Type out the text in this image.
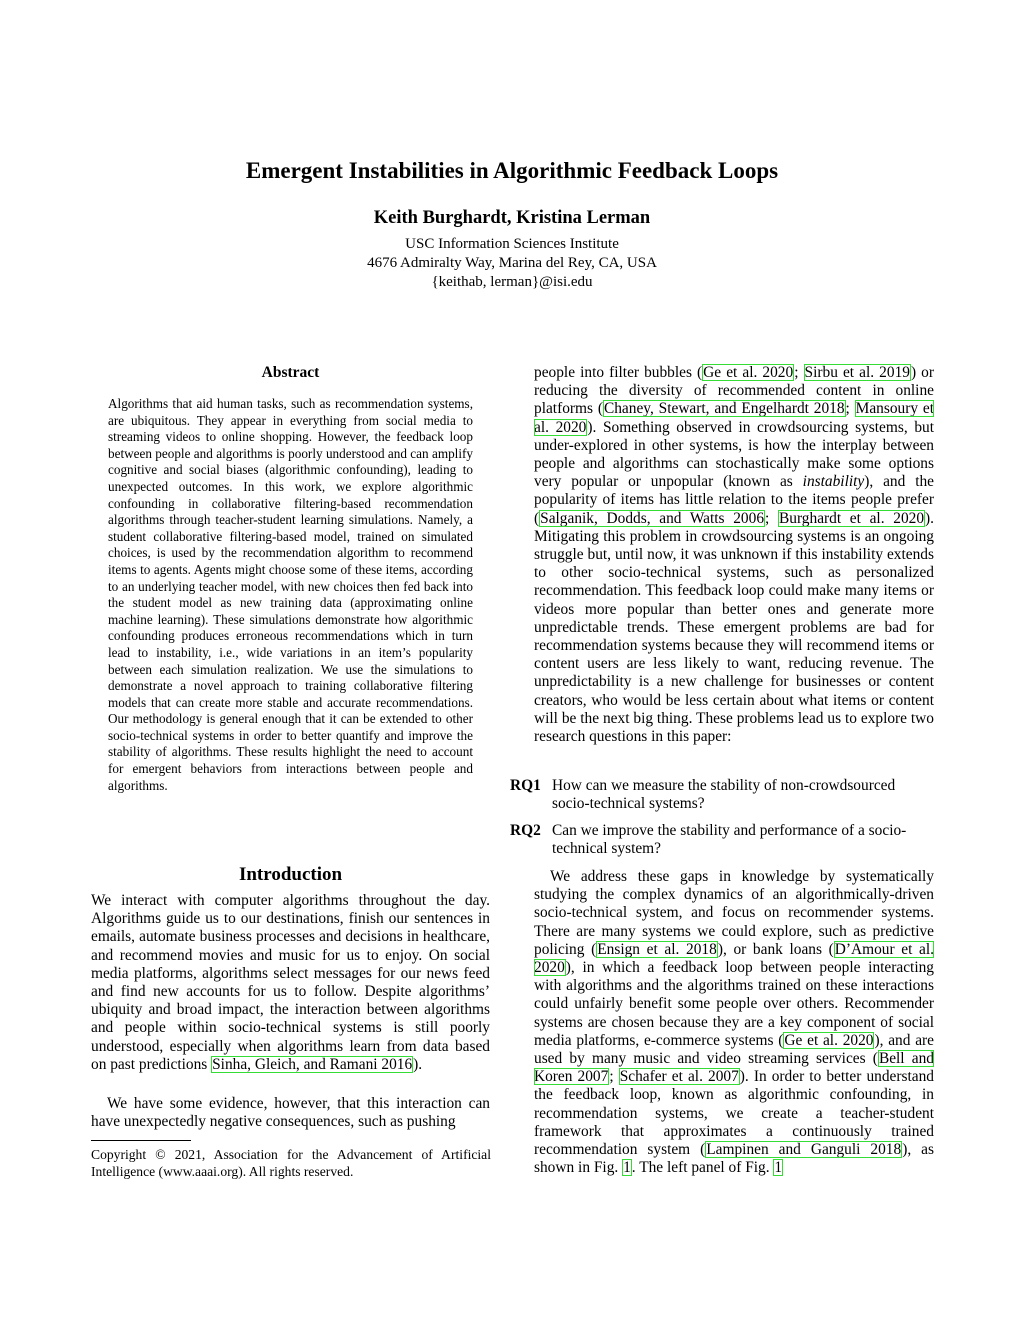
Emergent Instabilities in Algorithmic Feedback Loops
Keith Burghardt, Kristina Lerman
USC Information Sciences Institute
4676 Admiralty Way, Marina del Rey, CA, USA
{keithab, lerman}@isi.edu
Abstract
Algorithms that aid human tasks, such as recommendation systems, are ubiquitous. They appear in everything from social media to streaming videos to online shopping. However, the feedback loop between people and algorithms is poorly understood and can amplify cognitive and social biases (algorithmic confounding), leading to unexpected outcomes. In this work, we explore algorithmic confounding in collaborative filtering-based recommendation algorithms through teacher-student learning simulations. Namely, a student collaborative filtering-based model, trained on simulated choices, is used by the recommendation algorithm to recommend items to agents. Agents might choose some of these items, according to an underlying teacher model, with new choices then fed back into the student model as new training data (approximating online machine learning). These simulations demonstrate how algorithmic confounding produces erroneous recommendations which in turn lead to instability, i.e., wide variations in an item’s popularity between each simulation realization. We use the simulations to demonstrate a novel approach to training collaborative filtering models that can create more stable and accurate recommendations. Our methodology is general enough that it can be extended to other socio-technical systems in order to better quantify and improve the stability of algorithms. These results highlight the need to account for emergent behaviors from interactions between people and algorithms.
Introduction
We interact with computer algorithms throughout the day. Algorithms guide us to our destinations, finish our sentences in emails, automate business processes and decisions in healthcare, and recommend movies and music for us to enjoy. On social media platforms, algorithms select messages for our news feed and find new accounts for us to follow. Despite algorithms’ ubiquity and broad impact, the interaction between algorithms and people within socio-technical systems is still poorly understood, especially when algorithms learn from data based on past predictions Sinha, Gleich, and Ramani 2016).
We have some evidence, however, that this interaction can have unexpectedly negative consequences, such as pushing
Copyright © 2021, Association for the Advancement of Artificial Intelligence (www.aaai.org). All rights reserved.
people into filter bubbles (Ge et al. 2020; Sirbu et al. 2019) or reducing the diversity of recommended content in online platforms (Chaney, Stewart, and Engelhardt 2018; Mansoury et al. 2020). Something observed in crowdsourcing systems, but under-explored in other systems, is how the interplay between people and algorithms can stochastically make some options very popular or unpopular (known as instability), and the popularity of items has little relation to the items people prefer (Salganik, Dodds, and Watts 2006; Burghardt et al. 2020). Mitigating this problem in crowdsourcing systems is an ongoing struggle but, until now, it was unknown if this instability extends to other socio-technical systems, such as personalized recommendation. This feedback loop could make many items or videos more popular than better ones and generate more unpredictable trends. These emergent problems are bad for recommendation systems because they will recommend items or content users are less likely to want, reducing revenue. The unpredictability is a new challenge for businesses or content creators, who would be less certain about what items or content will be the next big thing. These problems lead us to explore two research questions in this paper:
RQ1 How can we measure the stability of non-crowdsourced socio-technical systems?
RQ2 Can we improve the stability and performance of a socio-technical system?
We address these gaps in knowledge by systematically studying the complex dynamics of an algorithmically-driven socio-technical system, and focus on recommender systems. There are many systems we could explore, such as predictive policing (Ensign et al. 2018), or bank loans (D’Amour et al. 2020), in which a feedback loop between people interacting with algorithms and the algorithms trained on these interactions could unfairly benefit some people over others. Recommender systems are chosen because they are a key component of social media platforms, e-commerce systems (Ge et al. 2020), and are used by many music and video streaming services (Bell and Koren 2007; Schafer et al. 2007). In order to better understand the feedback loop, known as algorithmic confounding, in recommendation systems, we create a teacher-student framework that approximates a continuously trained recommendation system (Lampinen and Ganguli 2018), as shown in Fig. 1. The left panel of Fig. 1
